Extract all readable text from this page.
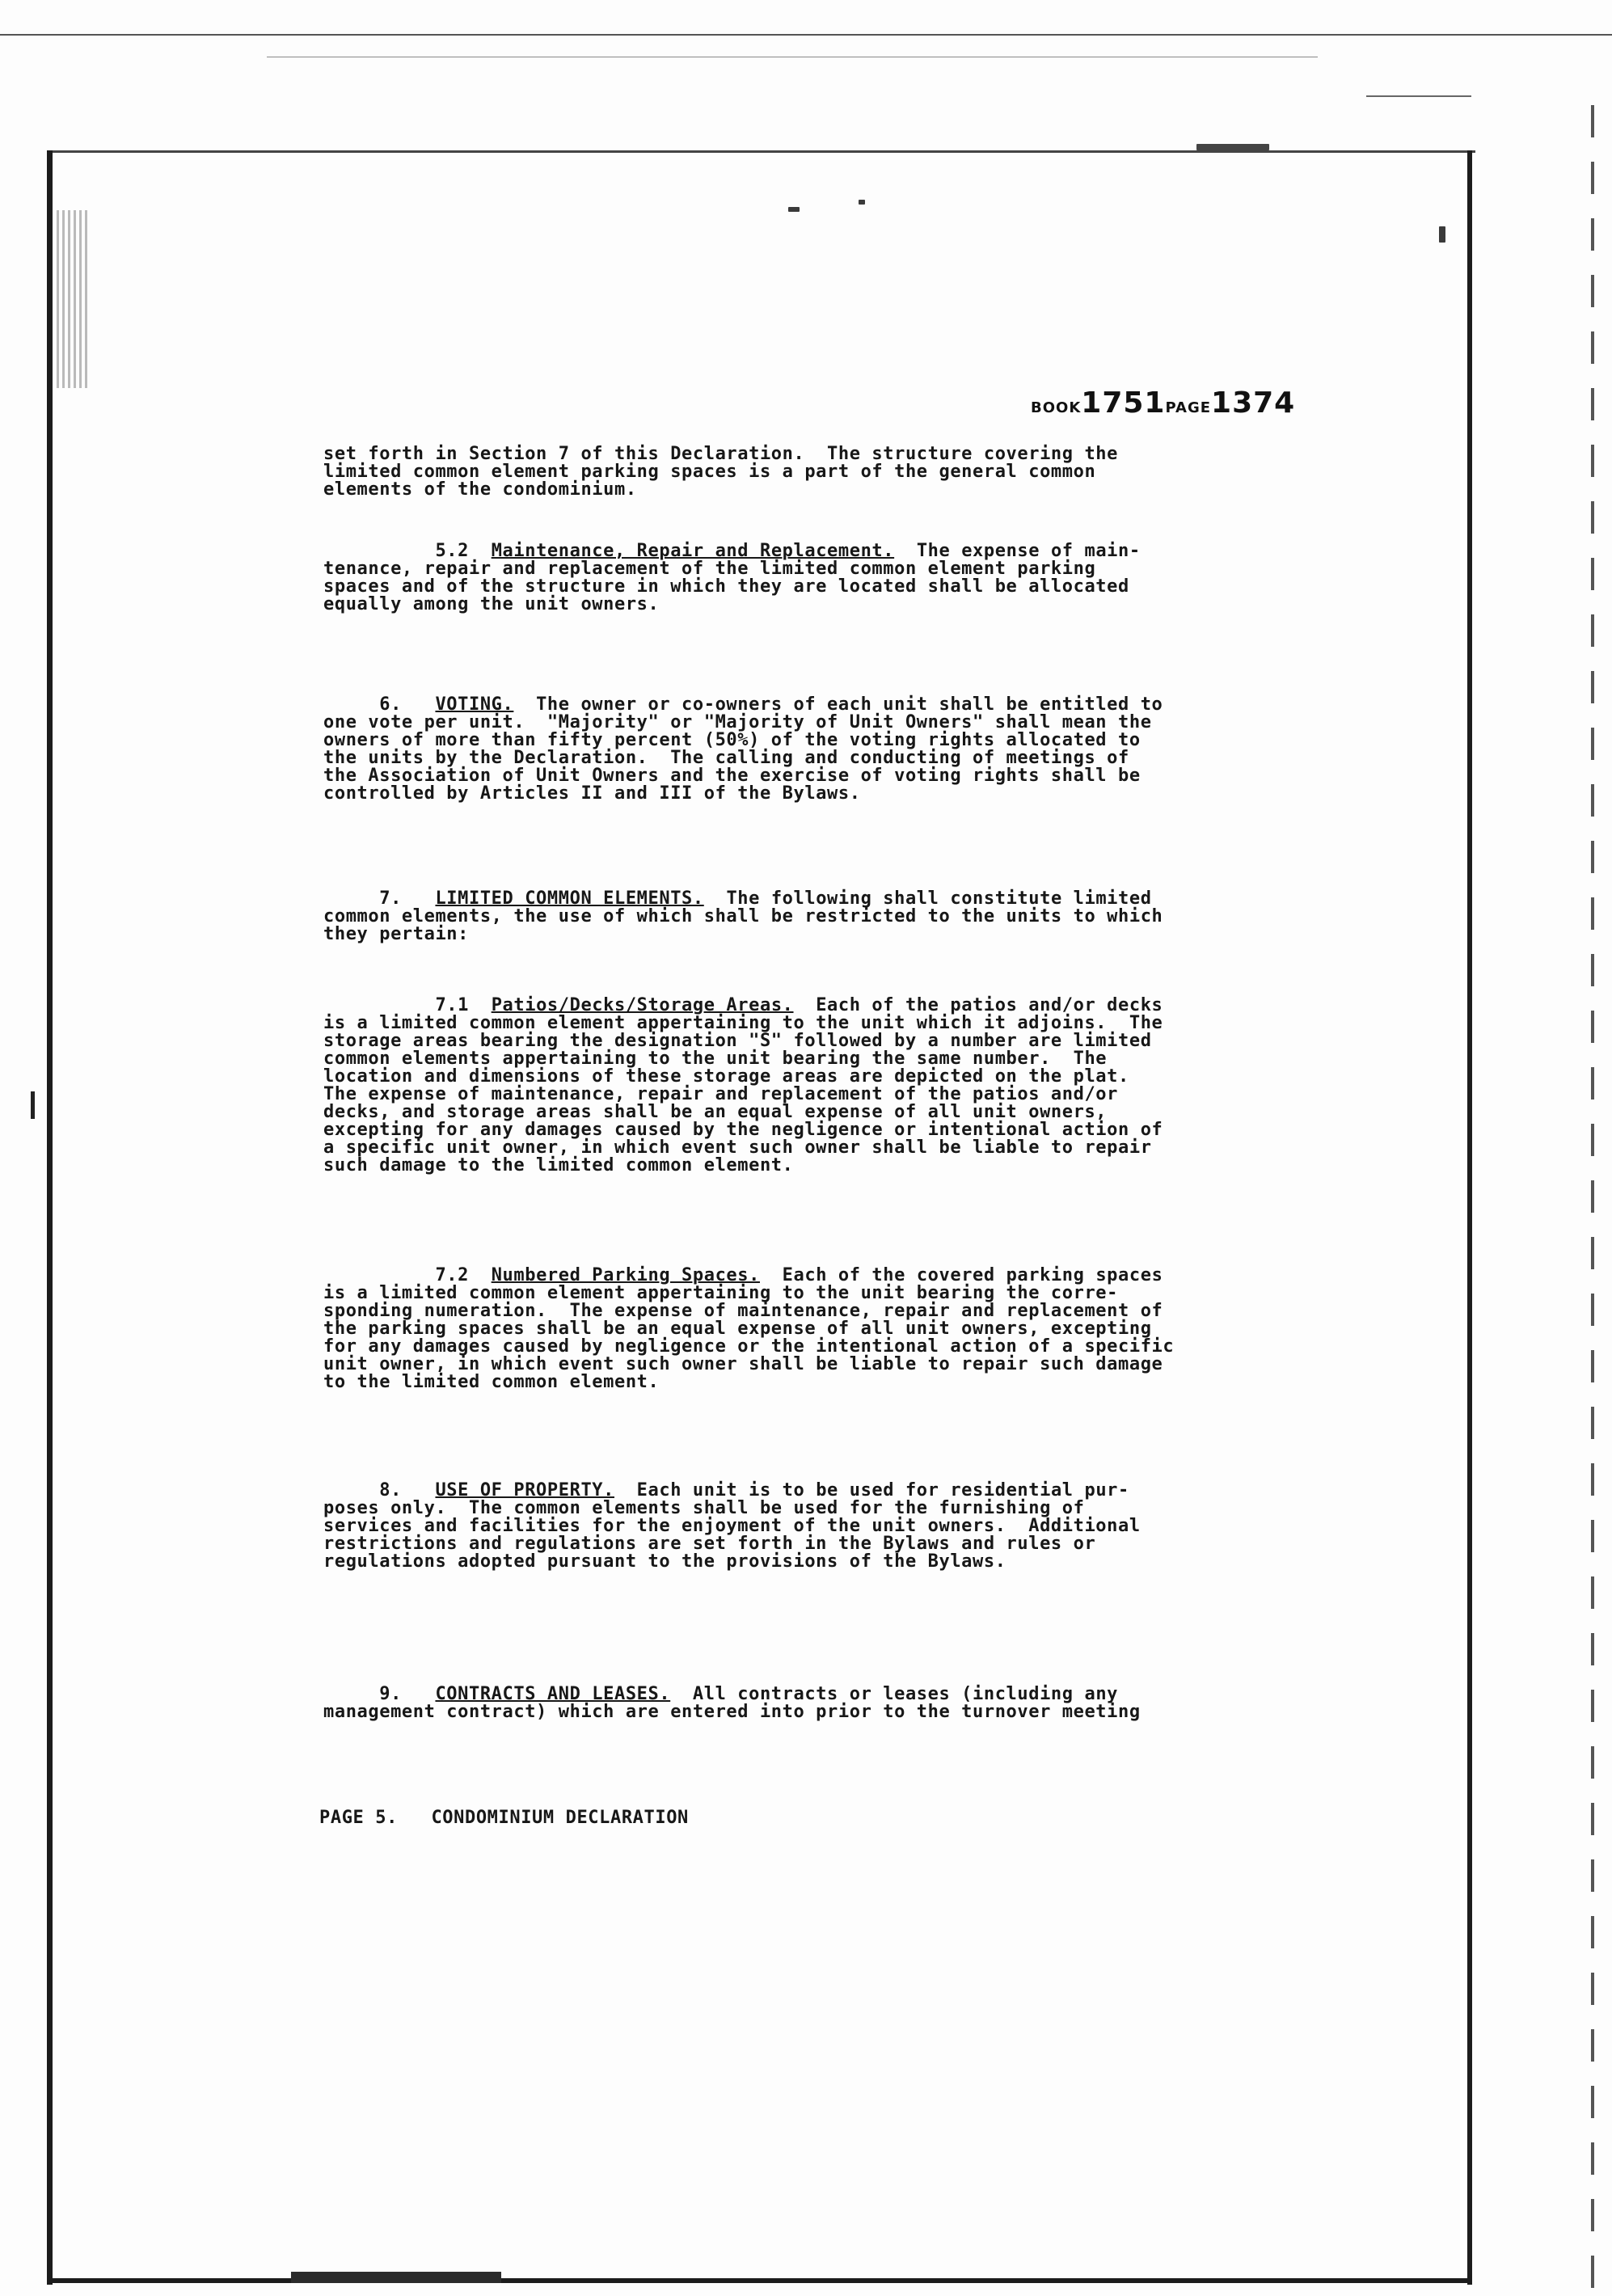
BOOK1751PAGE1374
set forth in Section 7 of this Declaration.  The structure covering the
limited common element parking spaces is a part of the general common
elements of the condominium.
5.2  Maintenance, Repair and Replacement.  The expense of main-
tenance, repair and replacement of the limited common element parking
spaces and of the structure in which they are located shall be allocated
equally among the unit owners.
6.   VOTING.  The owner or co-owners of each unit shall be entitled to
one vote per unit.  "Majority" or "Majority of Unit Owners" shall mean the
owners of more than fifty percent (50%) of the voting rights allocated to
the units by the Declaration.  The calling and conducting of meetings of
the Association of Unit Owners and the exercise of voting rights shall be
controlled by Articles II and III of the Bylaws.
7.   LIMITED COMMON ELEMENTS.  The following shall constitute limited
common elements, the use of which shall be restricted to the units to which
they pertain:
7.1  Patios/Decks/Storage Areas.  Each of the patios and/or decks
is a limited common element appertaining to the unit which it adjoins.  The
storage areas bearing the designation "S" followed by a number are limited
common elements appertaining to the unit bearing the same number.  The
location and dimensions of these storage areas are depicted on the plat.
The expense of maintenance, repair and replacement of the patios and/or
decks, and storage areas shall be an equal expense of all unit owners,
excepting for any damages caused by the negligence or intentional action of
a specific unit owner, in which event such owner shall be liable to repair
such damage to the limited common element.
7.2  Numbered Parking Spaces.  Each of the covered parking spaces
is a limited common element appertaining to the unit bearing the corre-
sponding numeration.  The expense of maintenance, repair and replacement of
the parking spaces shall be an equal expense of all unit owners, excepting
for any damages caused by negligence or the intentional action of a specific
unit owner, in which event such owner shall be liable to repair such damage
to the limited common element.
8.   USE OF PROPERTY.  Each unit is to be used for residential pur-
poses only.  The common elements shall be used for the furnishing of
services and facilities for the enjoyment of the unit owners.  Additional
restrictions and regulations are set forth in the Bylaws and rules or
regulations adopted pursuant to the provisions of the Bylaws.
9.   CONTRACTS AND LEASES.  All contracts or leases (including any
management contract) which are entered into prior to the turnover meeting
PAGE 5.   CONDOMINIUM DECLARATION
